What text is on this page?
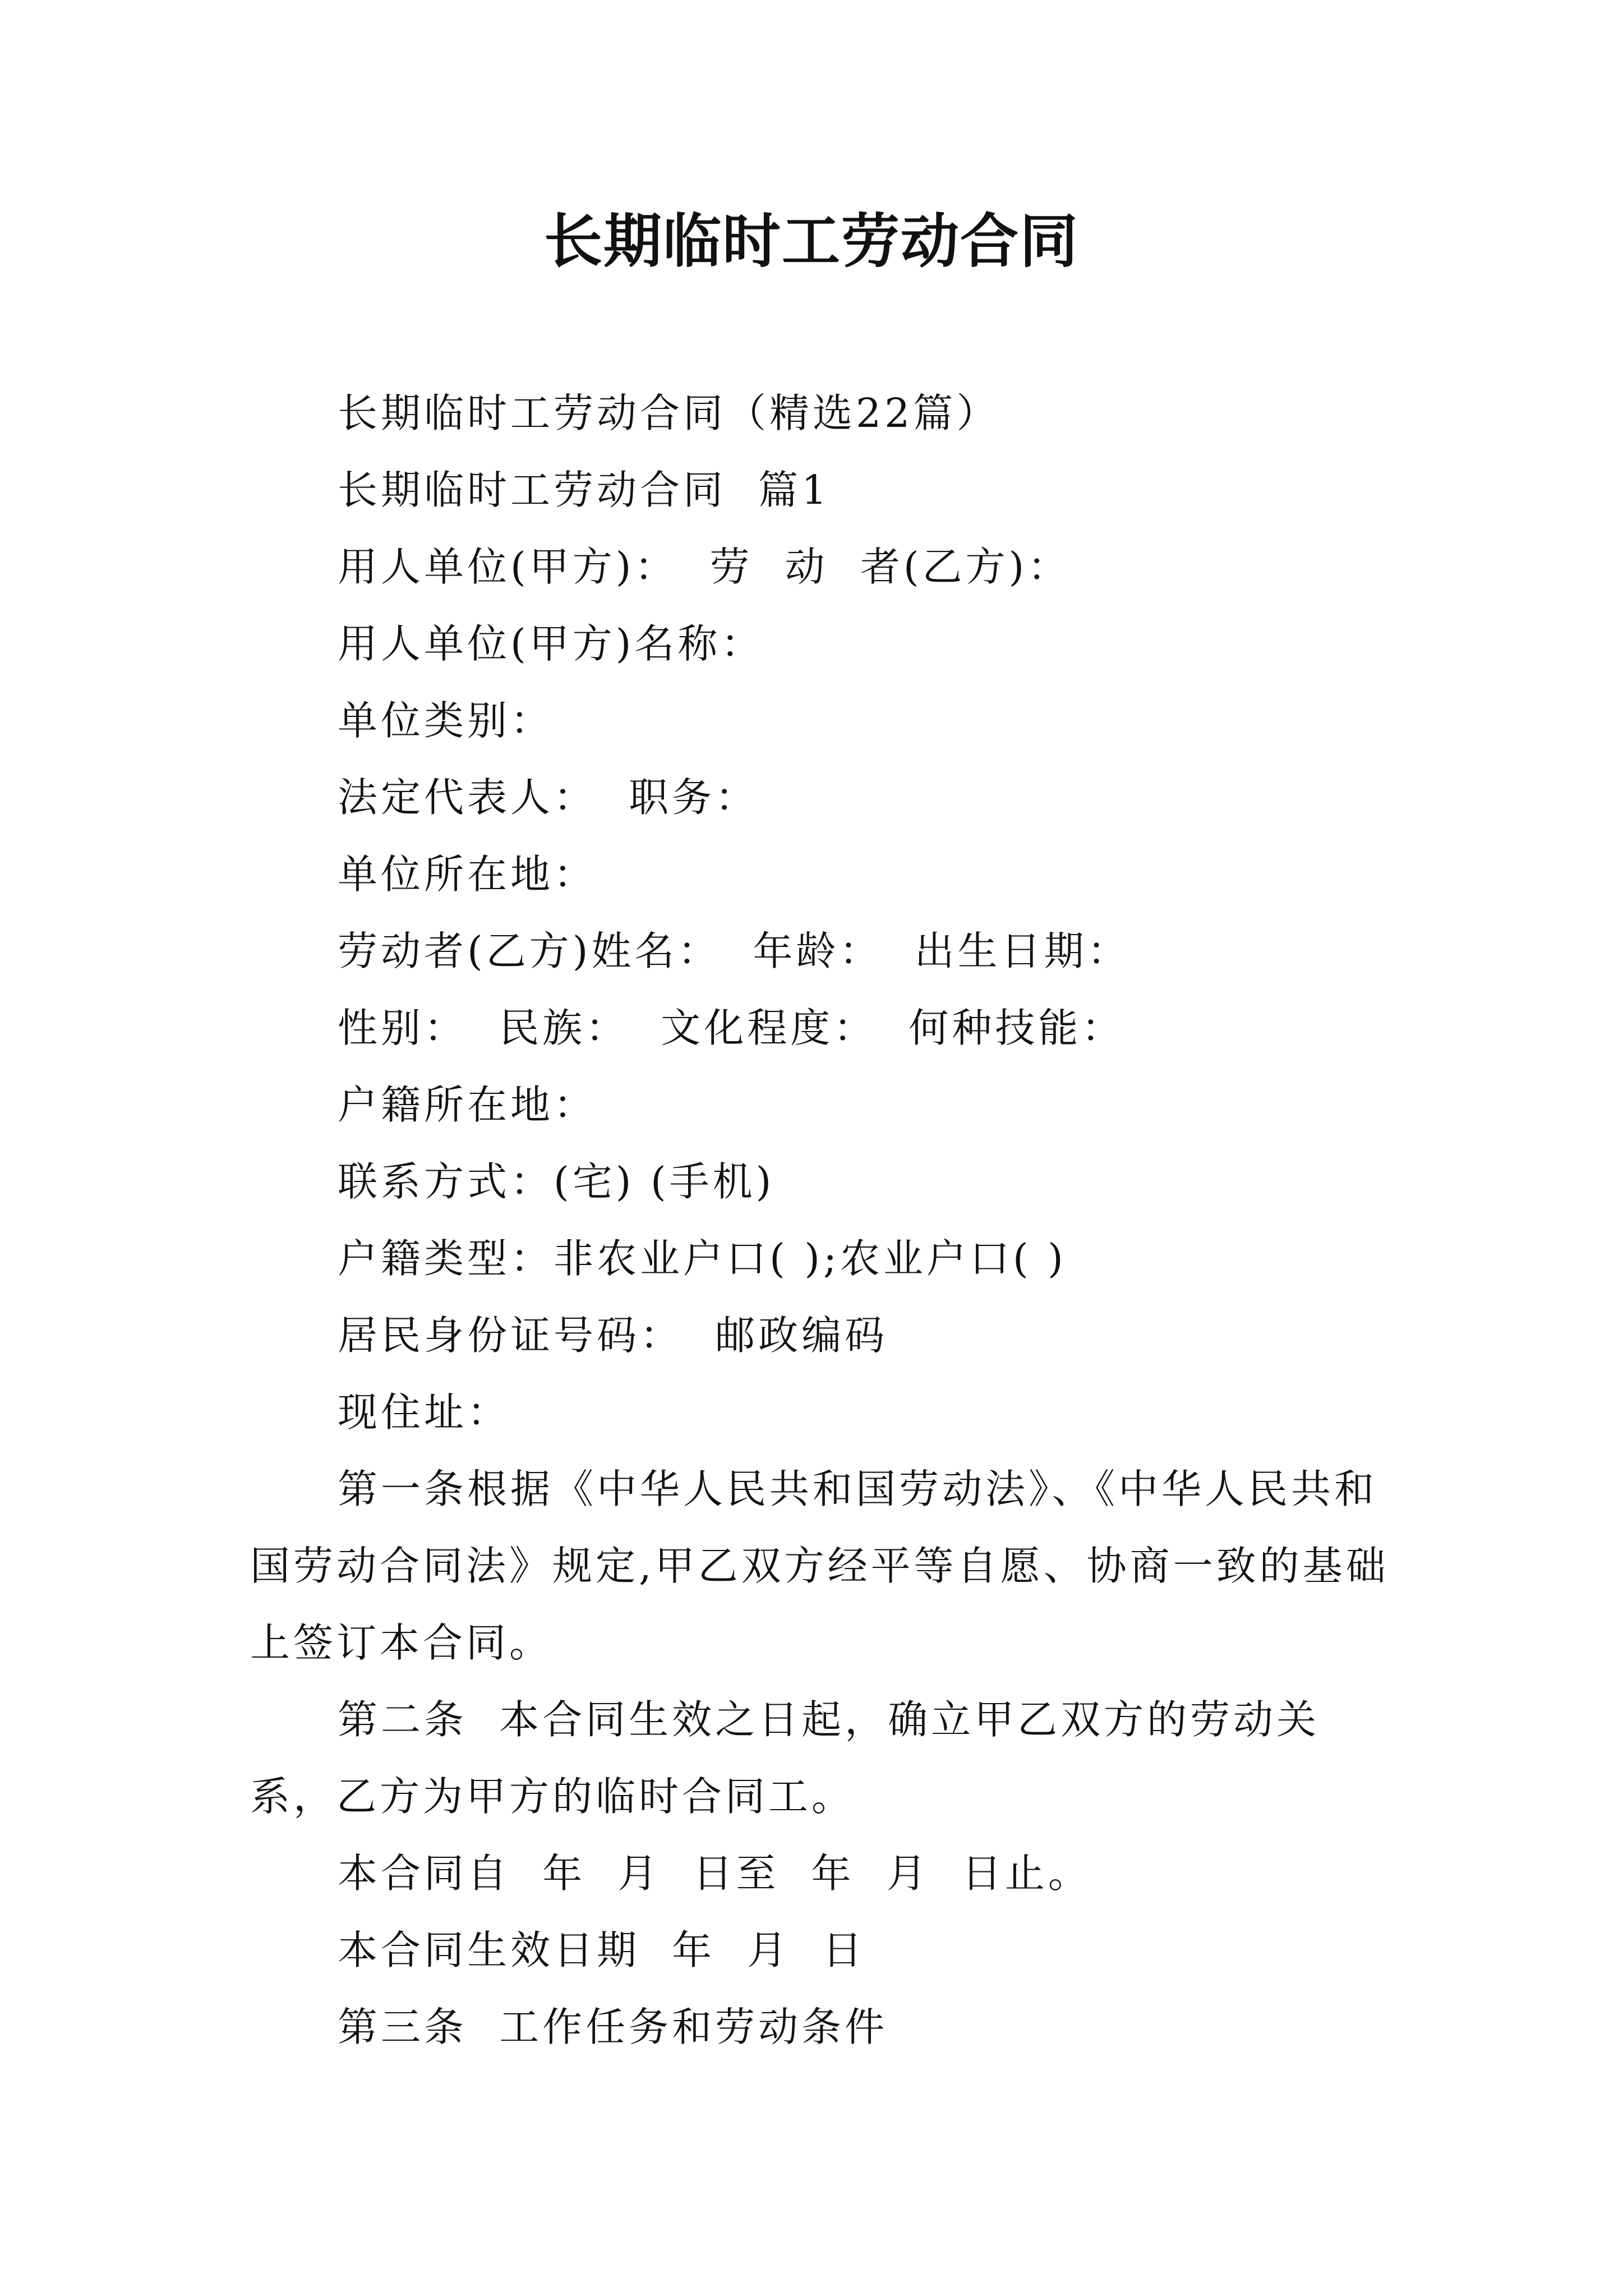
长期临时工劳动合同

长期临时工劳动合同（精选22篇）

长期临时工劳动合同  篇1

用人单位(甲方)：  劳  动  者(乙方)：

用人单位(甲方)名称：

单位类别：

法定代表人：  职务：

单位所在地：

劳动者(乙方)姓名：  年龄：  出生日期：

性别：  民族：  文化程度：  何种技能：

户籍所在地：

联系方式：(宅) (手机)

户籍类型：非农业户口( );农业户口( )

居民身份证号码：  邮政编码

现住址：

第一条根据《中华人民共和国劳动法》、《中华人民共和国劳动合同法》规定,甲乙双方经平等自愿、协商一致的基础上签订本合同。

第二条  本合同生效之日起，确立甲乙双方的劳动关系，乙方为甲方的临时合同工。

本合同自  年  月  日至  年  月  日止。

本合同生效日期  年  月  日

第三条  工作任务和劳动条件
